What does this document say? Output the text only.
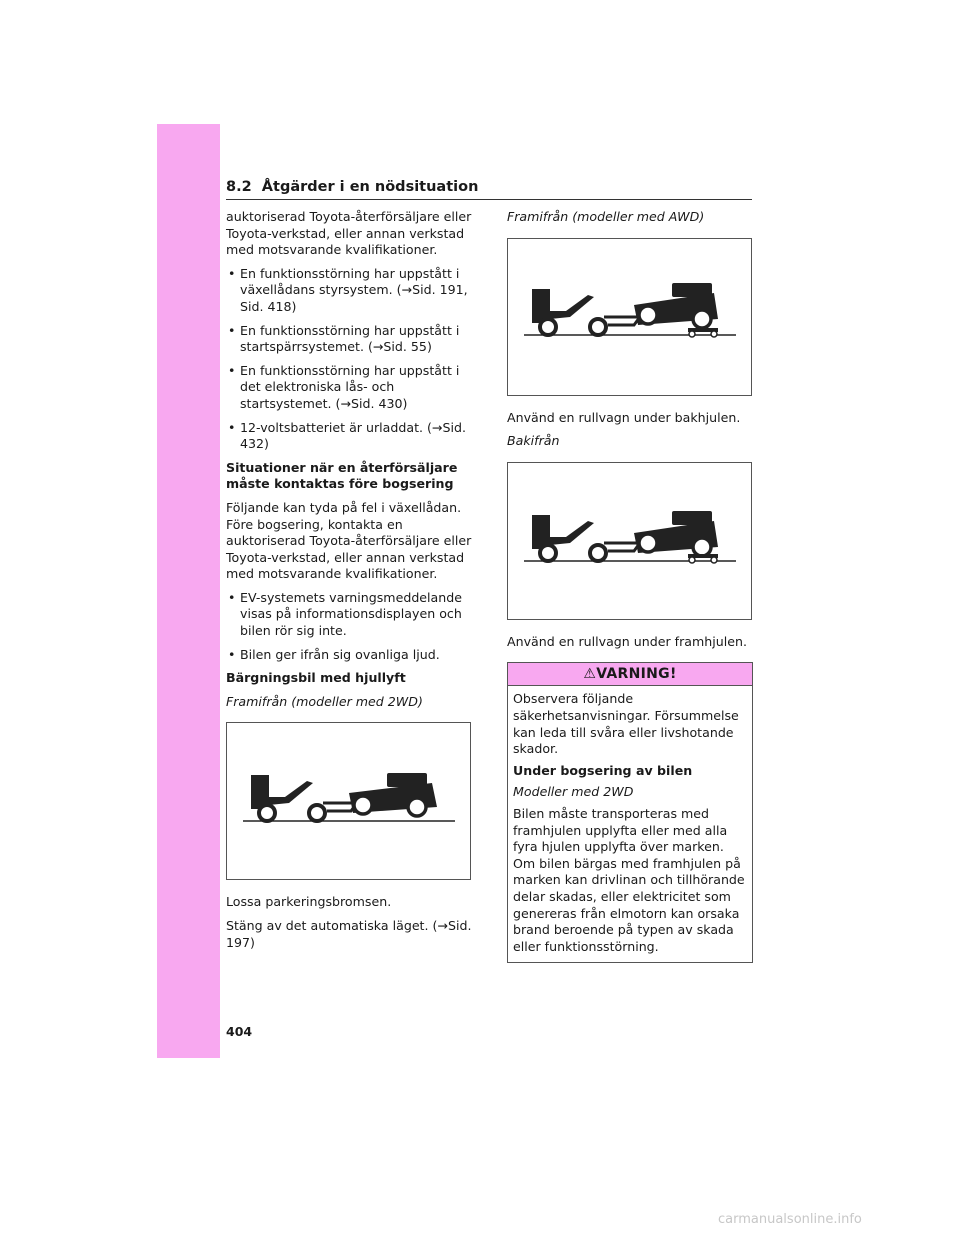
8.2 Åtgärder i en nödsituation

auktoriserad Toyota-återförsäljare eller Toyota-verkstad, eller annan verkstad med motsvarande kvalifikationer.

• En funktionsstörning har uppstått i växellådans styrsystem. (→Sid. 191, Sid. 418)
• En funktionsstörning har uppstått i startspärrsystemet. (→Sid. 55)
• En funktionsstörning har uppstått i det elektroniska lås- och startsystemet. (→Sid. 430)
• 12-voltsbatteriet är urladdat. (→Sid. 432)
Situationer när en återförsäljare måste kontaktas före bogsering

Följande kan tyda på fel i växellådan. Före bogsering, kontakta en auktoriserad Toyota-återförsäljare eller Toyota-verkstad, eller annan verkstad med motsvarande kvalifikationer.

• EV-systemets varningsmeddelande visas på informationsdisplayen och bilen rör sig inte.
• Bilen ger ifrån sig ovanliga ljud.
Bärgningsbil med hjullyft

Framifrån (modeller med 2WD)

Lossa parkeringsbromsen.

Stäng av det automatiska läget. (→Sid. 197)

Framifrån (modeller med AWD)

Använd en rullvagn under bakhjulen.

Bakifrån

Använd en rullvagn under framhjulen.

⚠VARNING!

Observera följande säkerhetsanvisningar. Försummelse kan leda till svåra eller livshotande skador.

Under bogsering av bilen

Modeller med 2WD

Bilen måste transporteras med framhjulen upplyfta eller med alla fyra hjulen upplyfta över marken. Om bilen bärgas med framhjulen på marken kan drivlinan och tillhörande delar skadas, eller elektricitet som genereras från elmotorn kan orsaka brand beroende på typen av skada eller funktionsstörning.

404
carmanualsonline.info
